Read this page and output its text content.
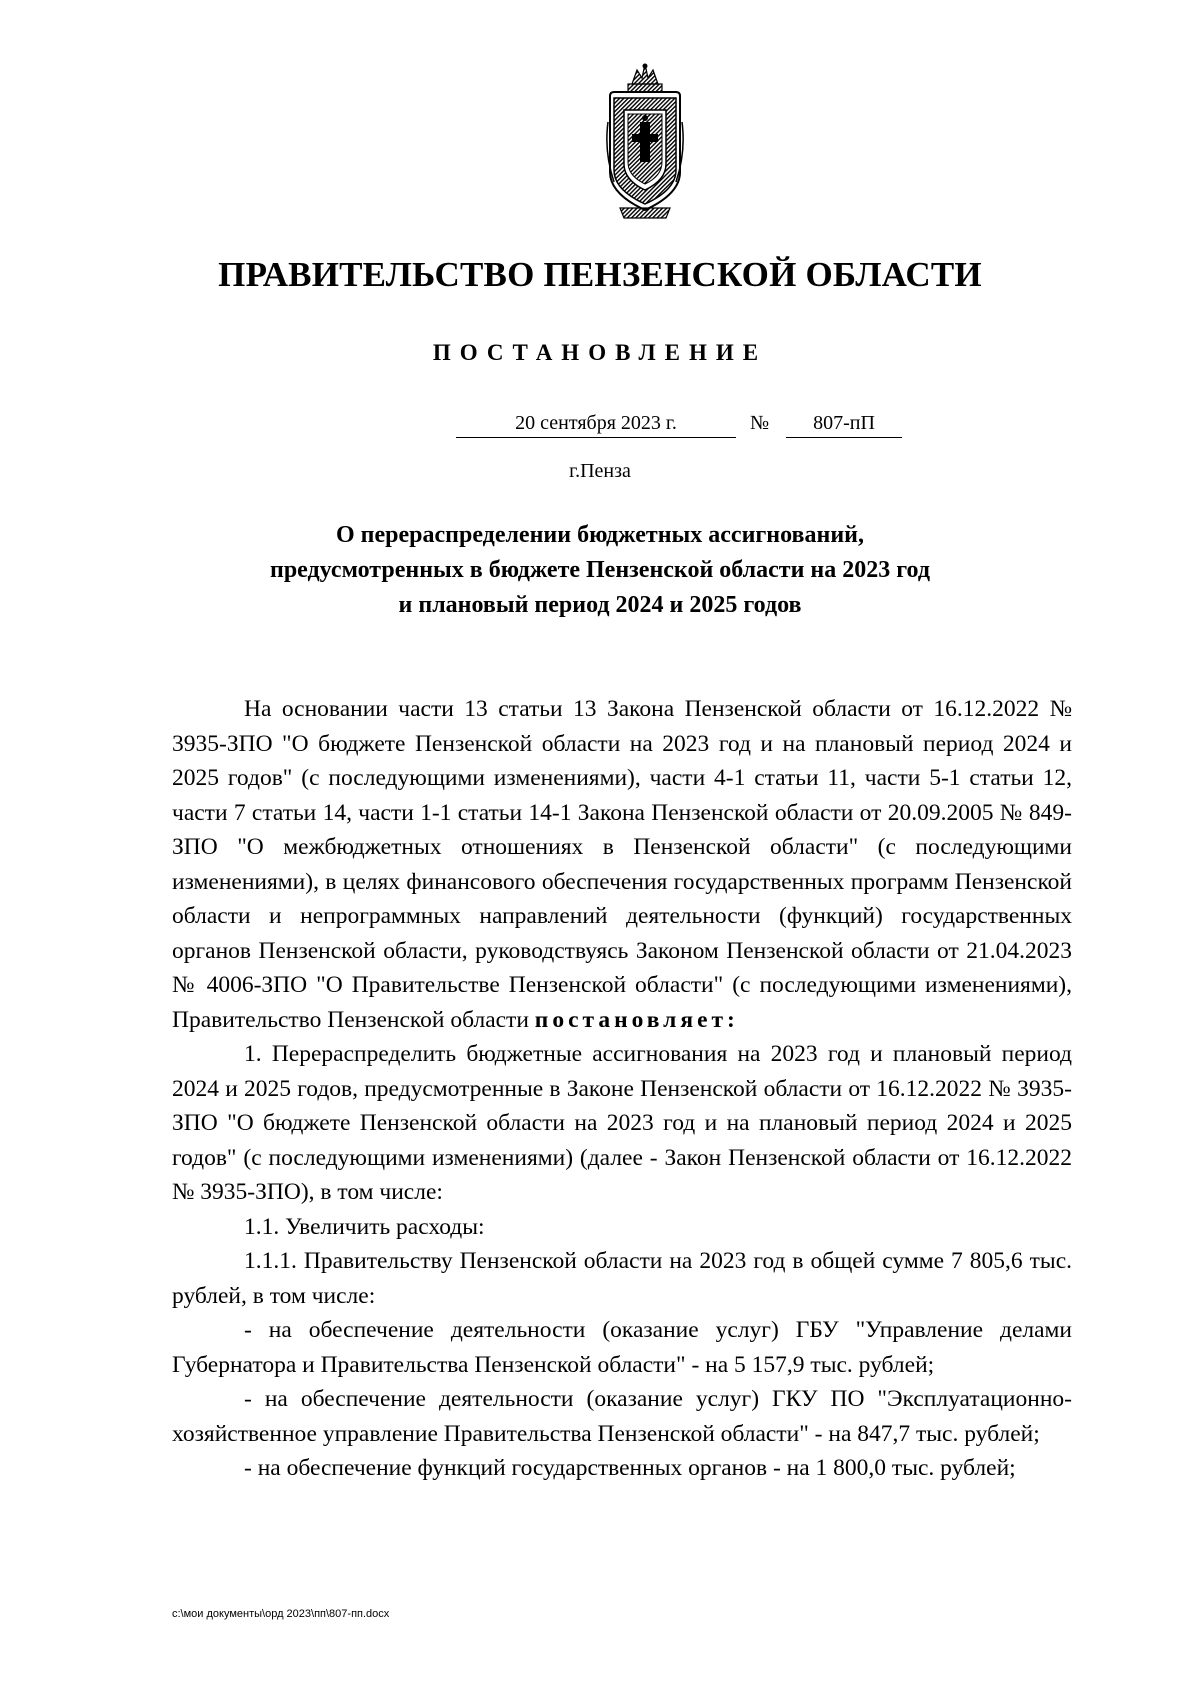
ПРАВИТЕЛЬСТВО ПЕНЗЕНСКОЙ ОБЛАСТИ
ПОСТАНОВЛЕНИЕ
20 сентября 2023 г.	№	807-пП
г.Пенза
О перераспределении бюджетных ассигнований,
предусмотренных в бюджете Пензенской области на 2023 год
и плановый период 2024 и 2025 годов

На основании части 13 статьи 13 Закона Пензенской области от 16.12.2022 № 3935-ЗПО "О бюджете Пензенской области на 2023 год и на плановый период 2024 и 2025 годов" (с последующими изменениями), части 4-1 статьи 11, части 5-1 статьи 12, части 7 статьи 14, части 1-1 статьи 14-1 Закона Пензенской области от 20.09.2005 № 849-ЗПО "О межбюджетных отношениях в Пензенской области" (с последующими изменениями), в целях финансового обеспечения государственных программ Пензенской области и непрограммных направлений деятельности (функций) государственных органов Пензенской области, руководствуясь Законом Пензенской области от 21.04.2023 № 4006-ЗПО "О Правительстве Пензенской области" (с последующими изменениями), Правительство Пензенской области постановляет:

1. Перераспределить бюджетные ассигнования на 2023 год и плановый период 2024 и 2025 годов, предусмотренные в Законе Пензенской области от 16.12.2022 № 3935-ЗПО "О бюджете Пензенской области на 2023 год и на плановый период 2024 и 2025 годов" (с последующими изменениями) (далее - Закон Пензенской области от 16.12.2022 № 3935-ЗПО), в том числе:

1.1. Увеличить расходы:

1.1.1. Правительству Пензенской области на 2023 год в общей сумме 7 805,6 тыс. рублей, в том числе:

- на обеспечение деятельности (оказание услуг) ГБУ "Управление делами Губернатора и Правительства Пензенской области" - на 5 157,9 тыс. рублей;

- на обеспечение деятельности (оказание услуг) ГКУ ПО "Эксплуатационно-хозяйственное управление Правительства Пензенской области" - на 847,7 тыс. рублей;

- на обеспечение функций государственных органов - на 1 800,0 тыс. рублей;

c:\мои документы\орд 2023\пп\807-пп.docx
